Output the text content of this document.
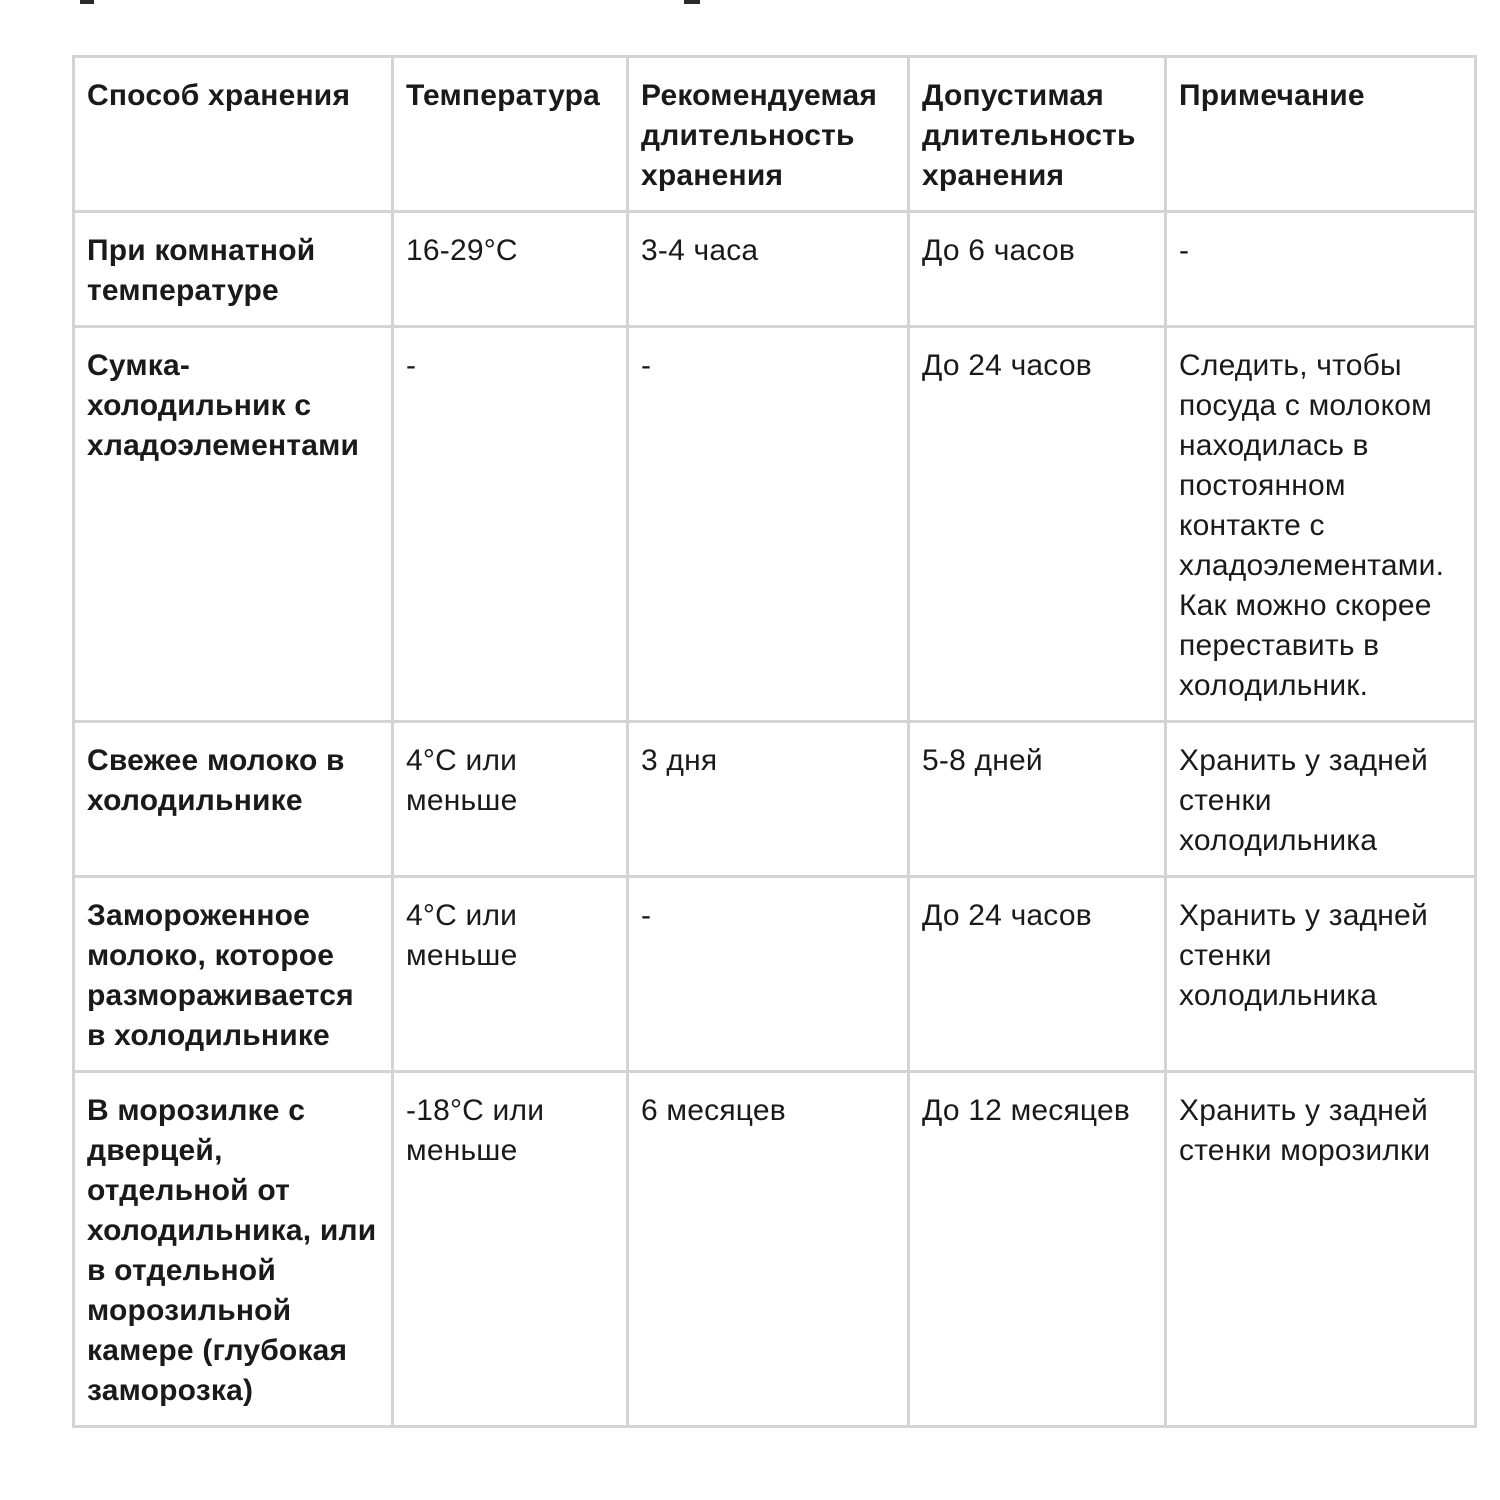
Способ хранения	Температура	Рекомендуемая длительность хранения	Допустимая длительность хранения	Примечание
При комнатной температуре	16-29°С	3-4 часа	До 6 часов	-
Сумка-холодильник с хладоэлементами	-	-	До 24 часов	Следить, чтобы посуда с молоком находилась в постоянном контакте с хладоэлементами. Как можно скорее переставить в холодильник.
Свежее молоко в холодильнике	4°С или меньше	3 дня	5-8 дней	Хранить у задней стенки холодильника
Замороженное молоко, которое размораживается в холодильнике	4°С или меньше	-	До 24 часов	Хранить у задней стенки холодильника
В морозилке с дверцей, отдельной от холодильника, или в отдельной морозильной камере (глубокая заморозка)	-18°С или меньше	6 месяцев	До 12 месяцев	Хранить у задней стенки морозилки
